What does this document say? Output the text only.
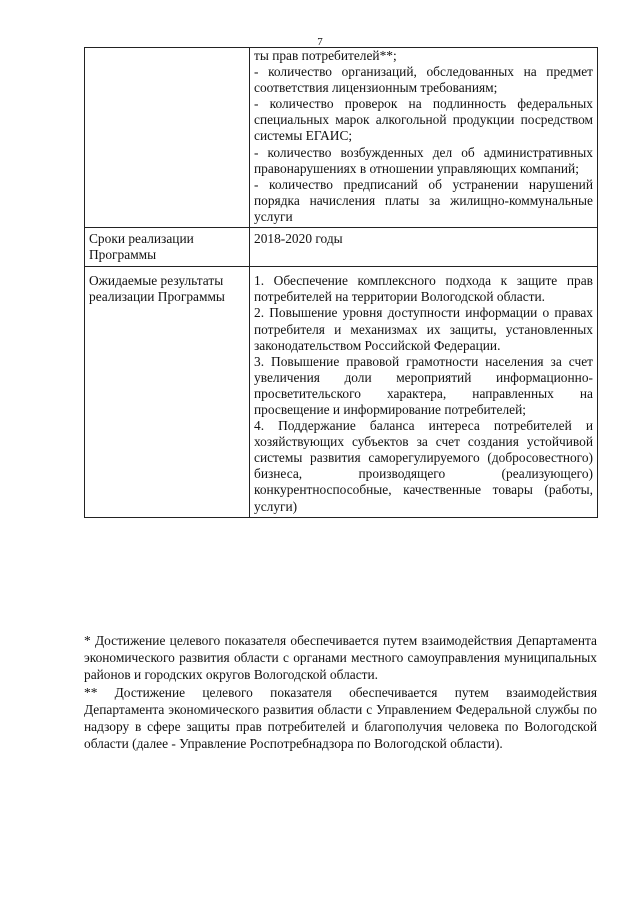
7

	ты прав потребителей**;
- количество организаций, обследованных на предмет соответствия лицензионным требованиям;
- количество проверок на подлинность федеральных специальных марок алкогольной продукции посредством системы ЕГАИС;
- количество возбужденных дел об административных правонарушениях в отношении управляющих компаний;
- количество предписаний об устранении нарушений порядка начисления платы за жилищно-коммунальные услуги

Сроки реализации Программы	2018-2020 годы

Ожидаемые результаты реализации Программы	1. Обеспечение комплексного подхода к защите прав потребителей на территории Вологодской области.
2. Повышение уровня доступности информации о правах потребителя и механизмах их защиты, установленных законодательством Российской Федерации.
3. Повышение правовой грамотности населения за счет увеличения доли мероприятий информационно-просветительского характера, направленных на просвещение и информирование потребителей;
4. Поддержание баланса интереса потребителей и хозяйствующих субъектов за счет создания устойчивой системы развития саморегулируемого (добросовестного) бизнеса, производящего (реализующего) конкурентноспособные, качественные товары (работы, услуги)

* Достижение целевого показателя обеспечивается путем взаимодействия Департамента экономического развития области с органами местного самоуправления муниципальных районов и городских округов Вологодской области.

** Достижение целевого показателя обеспечивается путем взаимодействия Департамента экономического развития области с Управлением Федеральной службы по надзору в сфере защиты прав потребителей и благополучия человека по Вологодской области (далее - Управление Роспотребнадзора по Вологодской области).
